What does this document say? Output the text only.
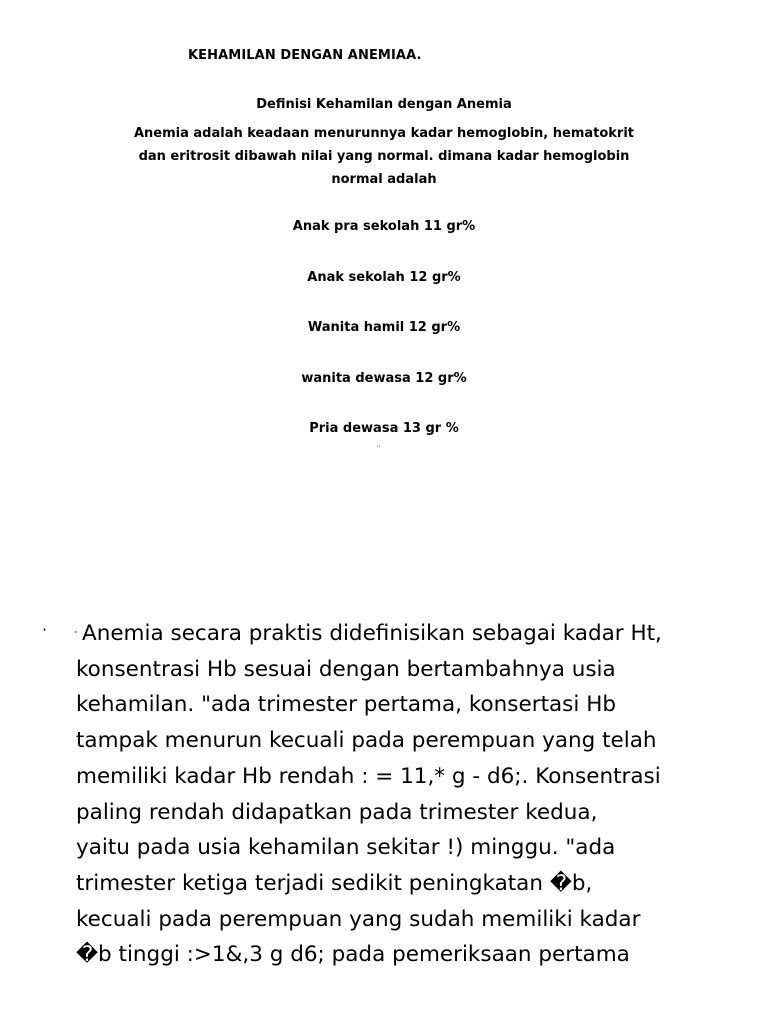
KEHAMILAN DENGAN ANEMIAA.
Definisi Kehamilan dengan Anemia
Anemia adalah keadaan menurunnya kadar hemoglobin, hematokrit
dan eritrosit dibawah nilai yang normal. dimana kadar hemoglobin
normal adalah
Anak pra sekolah 11 gr%
Anak sekolah 12 gr%
Wanita hamil 12 gr%
wanita dewasa 12 gr%
Pria dewasa 13 gr %
''
·	" Anemia secara praktis didefinisikan sebagai kadar Ht,
konsentrasi Hb sesuai dengan bertambahnya usia
kehamilan. "ada trimester pertama, konsertasi Hb
tampak menurun kecuali pada perempuan yang telah
memiliki kadar Hb rendah : = 11,* g - d6;. Konsentrasi
paling rendah didapatkan pada trimester kedua,
yaitu pada usia kehamilan sekitar !) minggu. "ada
trimester ketiga terjadi sedikit peningkatan �b,
kecuali pada perempuan yang sudah memiliki kadar
�b tinggi :>1&,3 g d6; pada pemeriksaan pertama
